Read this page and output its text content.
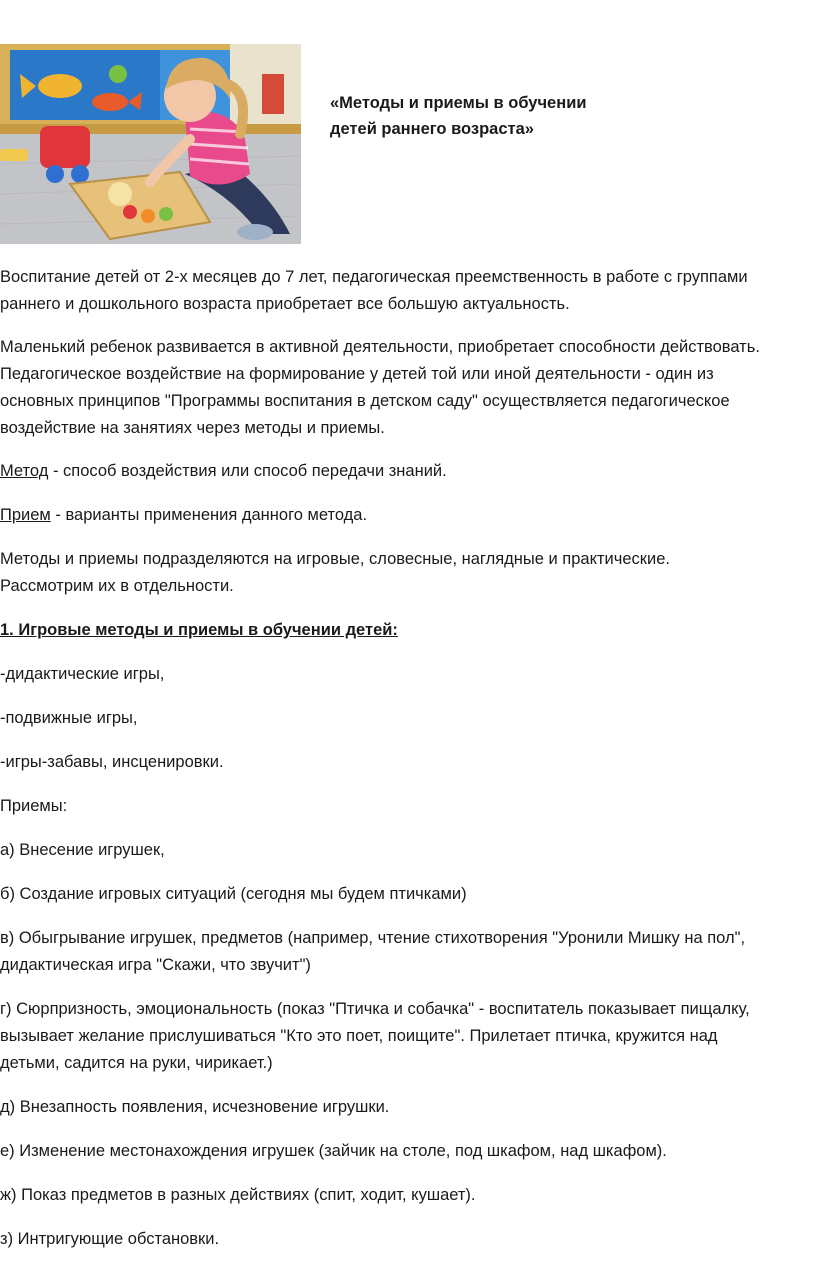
«Методы и приемы в обучении
детей раннего возраста»
Воспитание детей от 2-х месяцев до 7 лет, педагогическая преемственность в работе с группами
раннего и дошкольного возраста приобретает все большую актуальность.
Маленький ребенок развивается в активной деятельности, приобретает способности действовать.
Педагогическое воздействие на формирование у детей той или иной деятельности - один из
основных принципов "Программы воспитания в детском саду" осуществляется педагогическое
воздействие на занятиях через методы и приемы.
Метод - способ воздействия или способ передачи знаний.
Прием - варианты применения данного метода.
Методы и приемы подразделяются на игровые, словесные, наглядные и практические.
Рассмотрим их в отдельности.
1. Игровые методы и приемы в обучении детей:
-дидактические игры,
-подвижные игры,
-игры-забавы, инсценировки.
Приемы:
а) Внесение игрушек,
б) Создание игровых ситуаций (сегодня мы будем птичками)
в) Обыгрывание игрушек, предметов (например, чтение стихотворения "Уронили Мишку на пол",
дидактическая игра "Скажи, что звучит")
г) Сюрпризность, эмоциональность (показ "Птичка и собачка" - воспитатель показывает пищалку,
вызывает желание прислушиваться "Кто это поет, поищите". Прилетает птичка, кружится над
детьми, садится на руки, чирикает.)
д) Внезапность появления, исчезновение игрушки.
е) Изменение местонахождения игрушек (зайчик на столе, под шкафом, над шкафом).
ж) Показ предметов в разных действиях (спит, ходит, кушает).
з) Интригующие обстановки.
